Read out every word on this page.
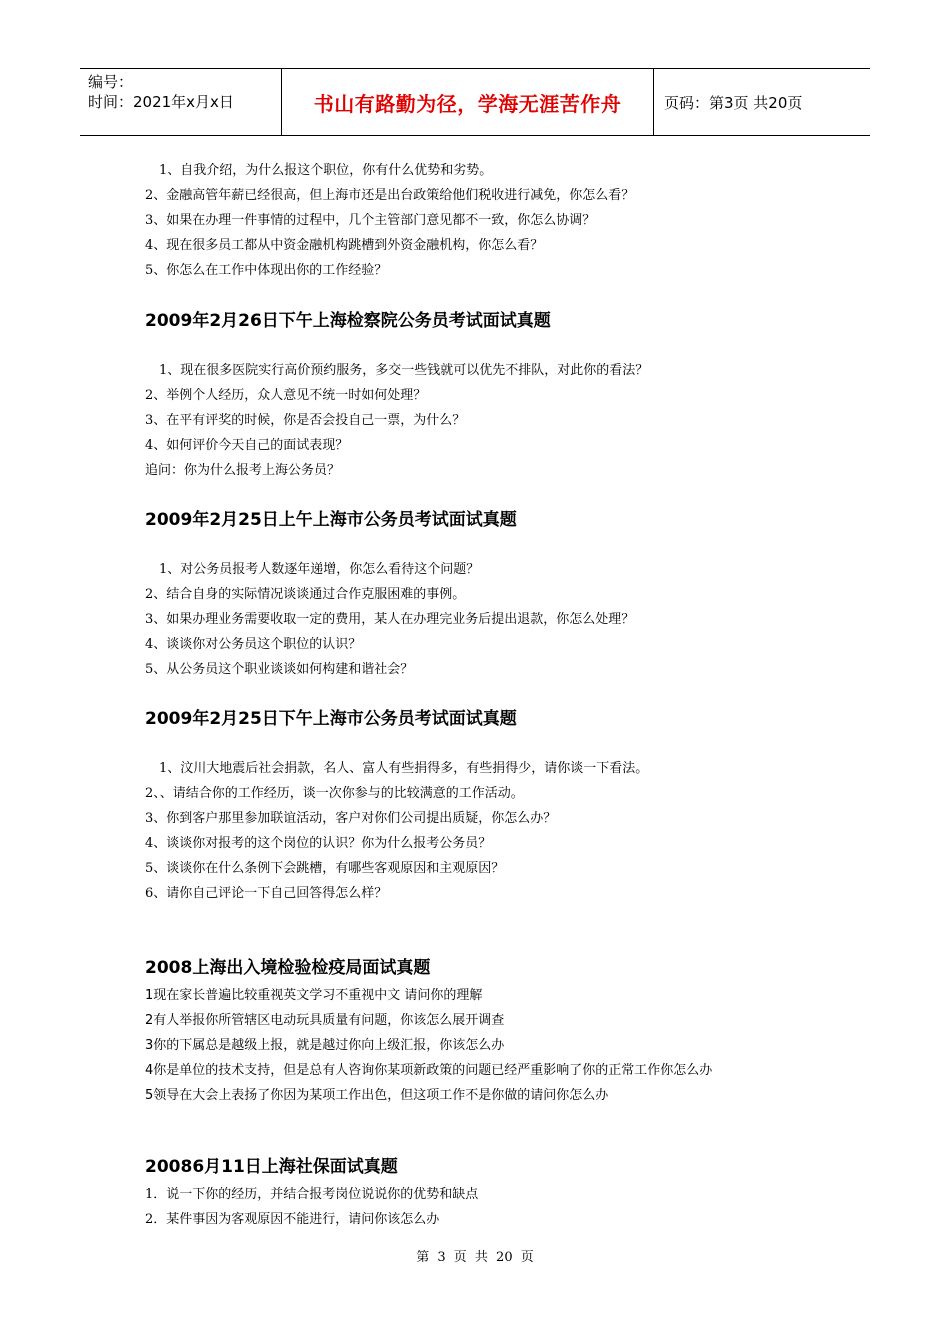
编号：
时间：2021年x月x日	书山有路勤为径，学海无涯苦作舟	页码：第3页 共20页
1、自我介绍，为什么报这个职位，你有什么优势和劣势。
2、金融高管年薪已经很高，但上海市还是出台政策给他们税收进行减免，你怎么看？
3、如果在办理一件事情的过程中，几个主管部门意见都不一致，你怎么协调？
4、现在很多员工都从中资金融机构跳槽到外资金融机构，你怎么看？
5、你怎么在工作中体现出你的工作经验？
2009年2月26日下午上海检察院公务员考试面试真题
1、现在很多医院实行高价预约服务，多交一些钱就可以优先不排队，对此你的看法？
2、举例个人经历，众人意见不统一时如何处理？
3、在平有评奖的时候，你是否会投自己一票，为什么？
4、如何评价今天自己的面试表现？
追问：你为什么报考上海公务员？
2009年2月25日上午上海市公务员考试面试真题
1、对公务员报考人数逐年递增，你怎么看待这个问题？
2、结合自身的实际情况谈谈通过合作克服困难的事例。
3、如果办理业务需要收取一定的费用，某人在办理完业务后提出退款，你怎么处理？
4、谈谈你对公务员这个职位的认识？
5、从公务员这个职业谈谈如何构建和谐社会？
2009年2月25日下午上海市公务员考试面试真题
1、汶川大地震后社会捐款，名人、富人有些捐得多，有些捐得少，请你谈一下看法。
2、、请结合你的工作经历，谈一次你参与的比较满意的工作活动。
3、你到客户那里参加联谊活动，客户对你们公司提出质疑，你怎么办？
4、谈谈你对报考的这个岗位的认识？你为什么报考公务员？
5、谈谈你在什么条例下会跳槽，有哪些客观原因和主观原因？
6、请你自己评论一下自己回答得怎么样？
2008上海出入境检验检疫局面试真题
1现在家长普遍比较重视英文学习不重视中文 请问你的理解
2有人举报你所管辖区电动玩具质量有问题，你该怎么展开调查
3你的下属总是越级上报，就是越过你向上级汇报，你该怎么办
4你是单位的技术支持，但是总有人咨询你某项新政策的问题已经严重影响了你的正常工作你怎么办
5领导在大会上表扬了你因为某项工作出色，但这项工作不是你做的请问你怎么办
20086月11日上海社保面试真题
1．说一下你的经历，并结合报考岗位说说你的优势和缺点
2．某件事因为客观原因不能进行，请问你该怎么办
第 3 页 共 20 页
